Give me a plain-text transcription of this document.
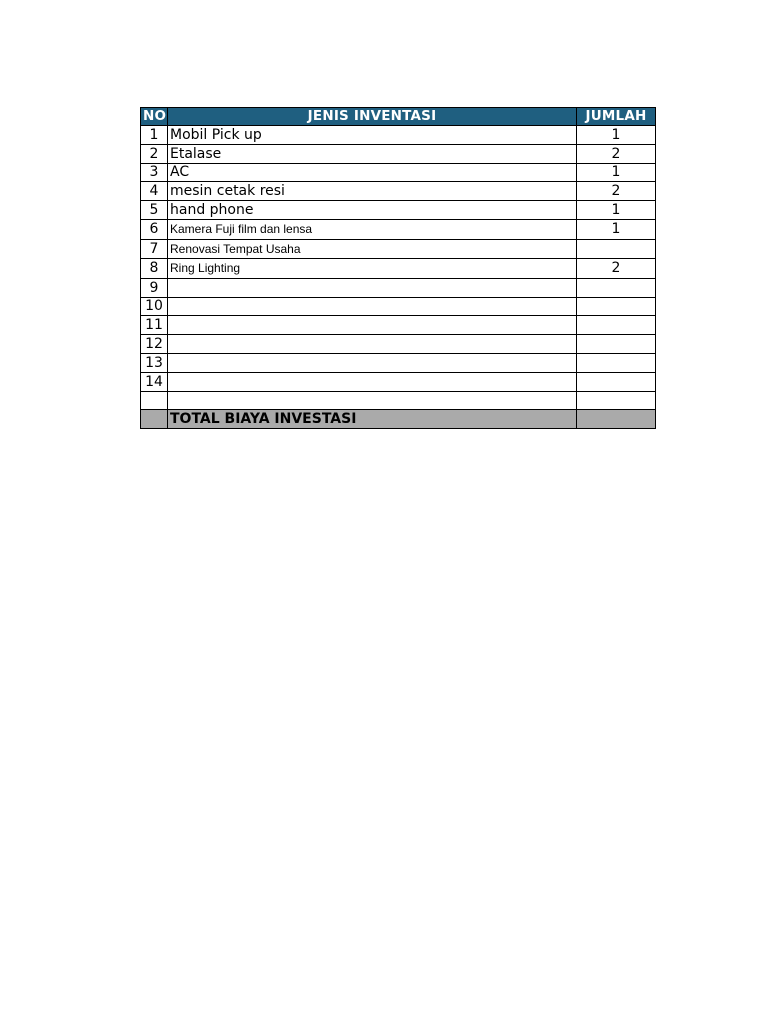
NO	JENIS INVENTASI	JUMLAH
1	Mobil Pick up	1
2	Etalase	2
3	AC	1
4	mesin cetak resi	2
5	hand phone	1
6	Kamera Fuji film dan lensa	1
7	Renovasi Tempat Usaha	
8	Ring Lighting	2
9		
10		
11		
12		
13		
14		

	TOTAL BIAYA INVESTASI	
